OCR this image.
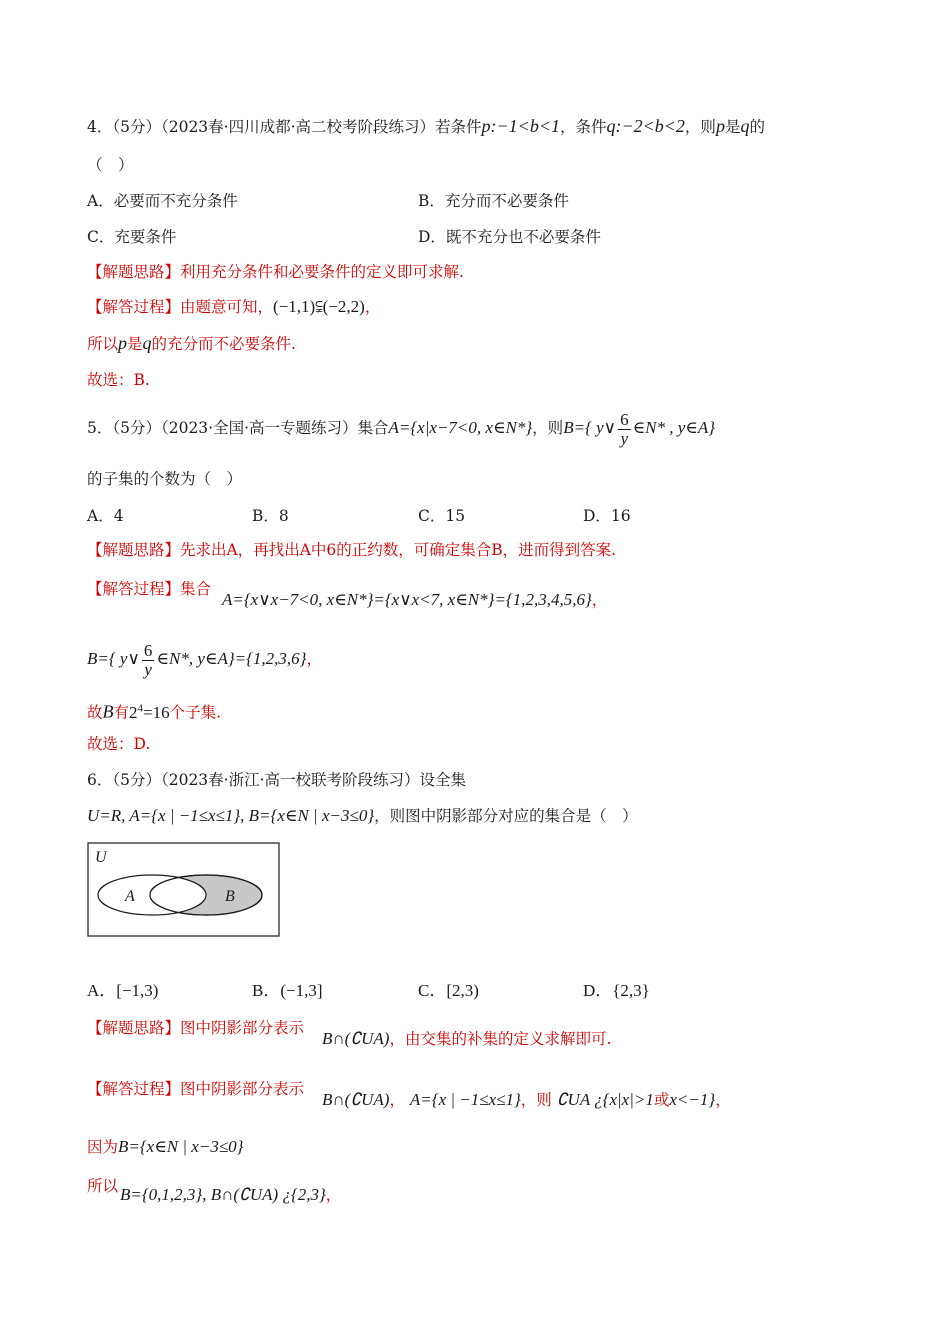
4．（5分）（2023春·四川成都·高二校考阶段练习）若条件p:−1<b<1，条件q:−2<b<2，则p是q的
（　）
A．必要而不充分条件	B．充分而不必要条件
C．充要条件	D．既不充分也不必要条件
【解题思路】利用充分条件和必要条件的定义即可求解.
【解答过程】由题意可知，(−1,1)⫋(−2,2)，
所以p是q的充分而不必要条件.
故选：B.
5．（5分）（2023·全国·高一专题练习）集合A={x|x−7<0, x∈N*}，则B={ y∨ $\frac{6}{y}$ ∈N* , y∈A}
的子集的个数为（　）
A．4	B．8	C．15	D．16
【解题思路】先求出A，再找出A中6的正约数，可确定集合B，进而得到答案.
【解答过程】集合
A={x∨x−7<0, x∈N*}={x∨x<7, x∈N*}={1,2,3,4,5,6}，
B={ y∨ $\frac{6}{y}$ ∈N*, y∈A}={1,2,3,6}，
故B有$2^4=16$个子集.
故选：D.
6．（5分）（2023春·浙江·高一校联考阶段练习）设全集
U=R, A={x | −1≤x≤1}, B={x∈N | x−3≤0}，则图中阴影部分对应的集合是（　）
U
A	B
A．[−1,3)	B．(−1,3]	C．[2,3)	D．{2,3}
【解题思路】图中阴影部分表示
B∩(∁UA)，由交集的补集的定义求解即可.
【解答过程】图中阴影部分表示
B∩(∁UA)， A={x | −1≤x≤1}，则 ∁UA ¿{x|x|>1或x<−1}，
因为B={x∈N | x−3≤0}
所以 B={0,1,2,3}, B∩(∁UA) ¿{2,3}，
